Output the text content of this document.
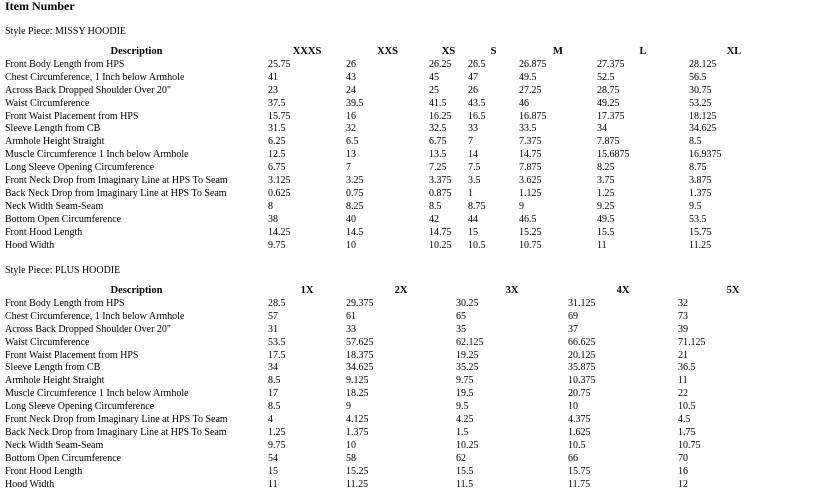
Item Number
Style Piece: MISSY HOODIE
Description	XXXS	XXS	XS	S	M	L	XL
Front Body Length from HPS	25.75	26	26.25	26.5	26.875	27.375	28.125
Chest Circumference, 1 Inch below Armhole	41	43	45	47	49.5	52.5	56.5
Across Back Dropped Shoulder Over 20"	23	24	25	26	27.25	28.75	30.75
Waist Circumference	37.5	39.5	41.5	43.5	46	49.25	53.25
Front Waist Placement from HPS	15.75	16	16.25	16.5	16.875	17.375	18.125
Sleeve Length from CB	31.5	32	32.5	33	33.5	34	34.625
Armhole Height Straight	6.25	6.5	6.75	7	7.375	7.875	8.5
Muscle Circumference 1 Inch below Armhole	12.5	13	13.5	14	14.75	15.6875	16.9375
Long Sleeve Opening Circumference	6.75	7	7.25	7.5	7.875	8.25	8.75
Front Neck Drop from Imaginary Line at HPS To Seam	3.125	3.25	3.375	3.5	3.625	3.75	3.875
Back Neck Drop from Imaginary Line at HPS To Seam	0.625	0.75	0.875	1	1.125	1.25	1.375
Neck Width Seam-Seam	8	8.25	8.5	8.75	9	9.25	9.5
Bottom Open Circumference	38	40	42	44	46.5	49.5	53.5
Front Hood Length	14.25	14.5	14.75	15	15.25	15.5	15.75
Hood Width	9.75	10	10.25	10.5	10.75	11	11.25
Style Piece: PLUS HOODIE
Description	1X	2X	3X	4X	5X
Front Body Length from HPS	28.5	29.375	30.25	31.125	32
Chest Circumference, 1 Inch below Armhole	57	61	65	69	73
Across Back Dropped Shoulder Over 20"	31	33	35	37	39
Waist Circumference	53.5	57.625	62.125	66.625	71.125
Front Waist Placement from HPS	17.5	18.375	19.25	20.125	21
Sleeve Length from CB	34	34.625	35.25	35.875	36.5
Armhole Height Straight	8.5	9.125	9.75	10.375	11
Muscle Circumference 1 Inch below Armhole	17	18.25	19.5	20.75	22
Long Sleeve Opening Circumference	8.5	9	9.5	10	10.5
Front Neck Drop from Imaginary Line at HPS To Seam	4	4.125	4.25	4.375	4.5
Back Neck Drop from Imaginary Line at HPS To Seam	1.25	1.375	1.5	1.625	1.75
Neck Width Seam-Seam	9.75	10	10.25	10.5	10.75
Bottom Open Circumference	54	58	62	66	70
Front Hood Length	15	15.25	15.5	15.75	16
Hood Width	11	11.25	11.5	11.75	12
